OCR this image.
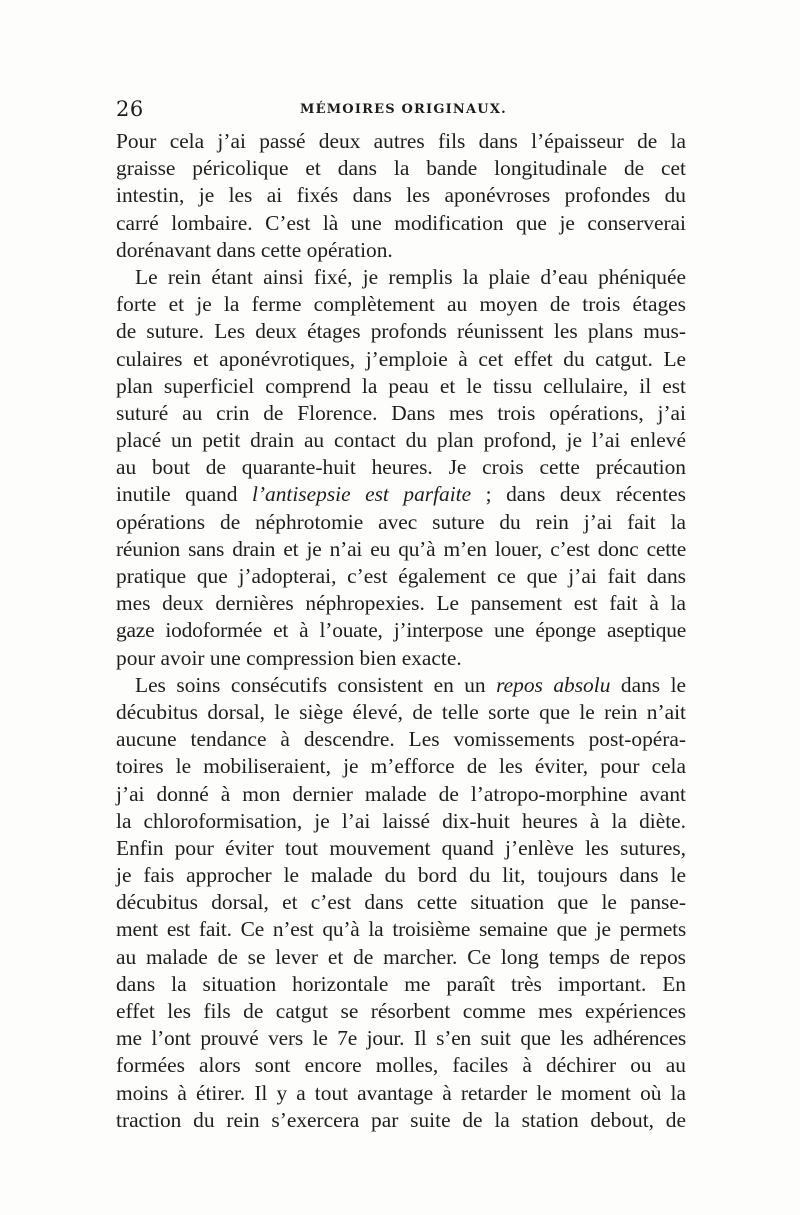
26	MÉMOIRES ORIGINAUX.
Pour cela j’ai passé deux autres fils dans l’épaisseur de la
graisse péricolique et dans la bande longitudinale de cet
intestin, je les ai fixés dans les aponévroses profondes du
carré lombaire. C’est là une modification que je conserverai
dorénavant dans cette opération.
Le rein étant ainsi fixé, je remplis la plaie d’eau phéniquée
forte et je la ferme complètement au moyen de trois étages
de suture. Les deux étages profonds réunissent les plans mus-
culaires et aponévrotiques, j’emploie à cet effet du catgut. Le
plan superficiel comprend la peau et le tissu cellulaire, il est
suturé au crin de Florence. Dans mes trois opérations, j’ai
placé un petit drain au contact du plan profond, je l’ai enlevé
au bout de quarante-huit heures. Je crois cette précaution
inutile quand l’antisepsie est parfaite ; dans deux récentes
opérations de néphrotomie avec suture du rein j’ai fait la
réunion sans drain et je n’ai eu qu’à m’en louer, c’est donc cette
pratique que j’adopterai, c’est également ce que j’ai fait dans
mes deux dernières néphropexies. Le pansement est fait à la
gaze iodoformée et à l’ouate, j’interpose une éponge aseptique
pour avoir une compression bien exacte.
Les soins consécutifs consistent en un repos absolu dans le
décubitus dorsal, le siège élevé, de telle sorte que le rein n’ait
aucune tendance à descendre. Les vomissements post-opéra-
toires le mobiliseraient, je m’efforce de les éviter, pour cela
j’ai donné à mon dernier malade de l’atropo-morphine avant
la chloroformisation, je l’ai laissé dix-huit heures à la diète.
Enfin pour éviter tout mouvement quand j’enlève les sutures,
je fais approcher le malade du bord du lit, toujours dans le
décubitus dorsal, et c’est dans cette situation que le panse-
ment est fait. Ce n’est qu’à la troisième semaine que je permets
au malade de se lever et de marcher. Ce long temps de repos
dans la situation horizontale me paraît très important. En
effet les fils de catgut se résorbent comme mes expériences
me l’ont prouvé vers le 7e jour. Il s’en suit que les adhérences
formées alors sont encore molles, faciles à déchirer ou au
moins à étirer. Il y a tout avantage à retarder le moment où la
traction du rein s’exercera par suite de la station debout, de
